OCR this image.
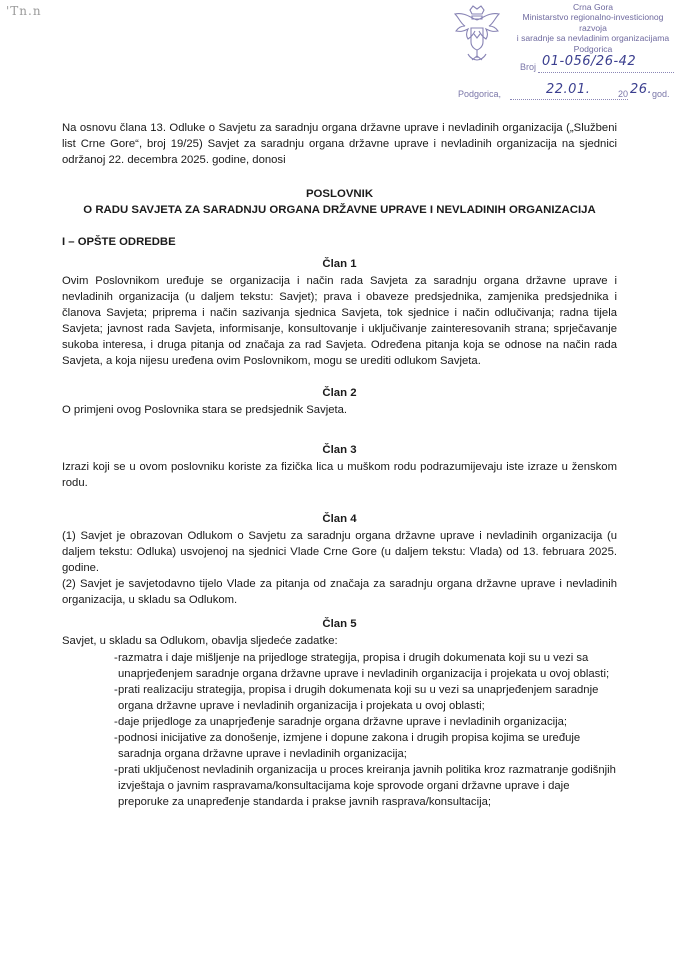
'Tn.n	Crna Gora
Ministarstvo regionalno-investicionog razvoja
i saradnje sa nevladinim organizacijama
Podgorica
Broj 01-056/26-42
Podgorica,	22.01.	20 26. god.
Na osnovu člana 13. Odluke o Savjetu za saradnju organa državne uprave i nevladinih organizacija („Službeni list Crne Gore“, broj 19/25) Savjet za saradnju organa državne uprave i nevladinih organizacija na sjednici održanoj 22. decembra 2025. godine, donosi
POSLOVNIK
O RADU SAVJETA ZA SARADNJU ORGANA DRŽAVNE UPRAVE I NEVLADINIH ORGANIZACIJA
I – OPŠTE ODREDBE
Član 1
Ovim Poslovnikom uređuje se organizacija i način rada Savjeta za saradnju organa državne uprave i nevladinih organizacija (u daljem tekstu: Savjet); prava i obaveze predsjednika, zamjenika predsjednika i članova Savjeta; priprema i način sazivanja sjednica Savjeta, tok sjednice i način odlučivanja; radna tijela Savjeta; javnost rada Savjeta, informisanje, konsultovanje i uključivanje zainteresovanih strana; sprječavanje sukoba interesa, i druga pitanja od značaja za rad Savjeta. Određena pitanja koja se odnose na način rada Savjeta, a koja nijesu uređena ovim Poslovnikom, mogu se urediti odlukom Savjeta.
Član 2
O primjeni ovog Poslovnika stara se predsjednik Savjeta.
Član 3
Izrazi koji se u ovom poslovniku koriste za fizička lica u muškom rodu podrazumijevaju iste izraze u ženskom rodu.
Član 4
(1) Savjet je obrazovan Odlukom o Savjetu za saradnju organa državne uprave i nevladinih organizacija (u daljem tekstu: Odluka) usvojenoj na sjednici Vlade Crne Gore (u daljem tekstu: Vlada) od 13. februara 2025. godine.
(2) Savjet je savjetodavno tijelo Vlade za pitanja od značaja za saradnju organa državne uprave i nevladinih organizacija, u skladu sa Odlukom.
Član 5
Savjet, u skladu sa Odlukom, obavlja sljedeće zadatke:
- razmatra i daje mišljenje na prijedloge strategija, propisa i drugih dokumenata koji su u vezi sa unaprjeđenjem saradnje organa državne uprave i nevladinih organizacija i projekata u ovoj oblasti;
- prati realizaciju strategija, propisa i drugih dokumenata koji su u vezi sa unaprjeđenjem saradnje organa državne uprave i nevladinih organizacija i projekata u ovoj oblasti;
- daje prijedloge za unaprjeđenje saradnje organa državne uprave i nevladinih organizacija;
- podnosi inicijative za donošenje, izmjene i dopune zakona i drugih propisa kojima se uređuje saradnja organa državne uprave i nevladinih organizacija;
- prati uključenost nevladinih organizacija u proces kreiranja javnih politika kroz razmatranje godišnjih izvještaja o javnim raspravama/konsultacijama koje sprovode organi državne uprave i daje preporuke za unapređenje standarda i prakse javnih rasprava/konsultacija;
